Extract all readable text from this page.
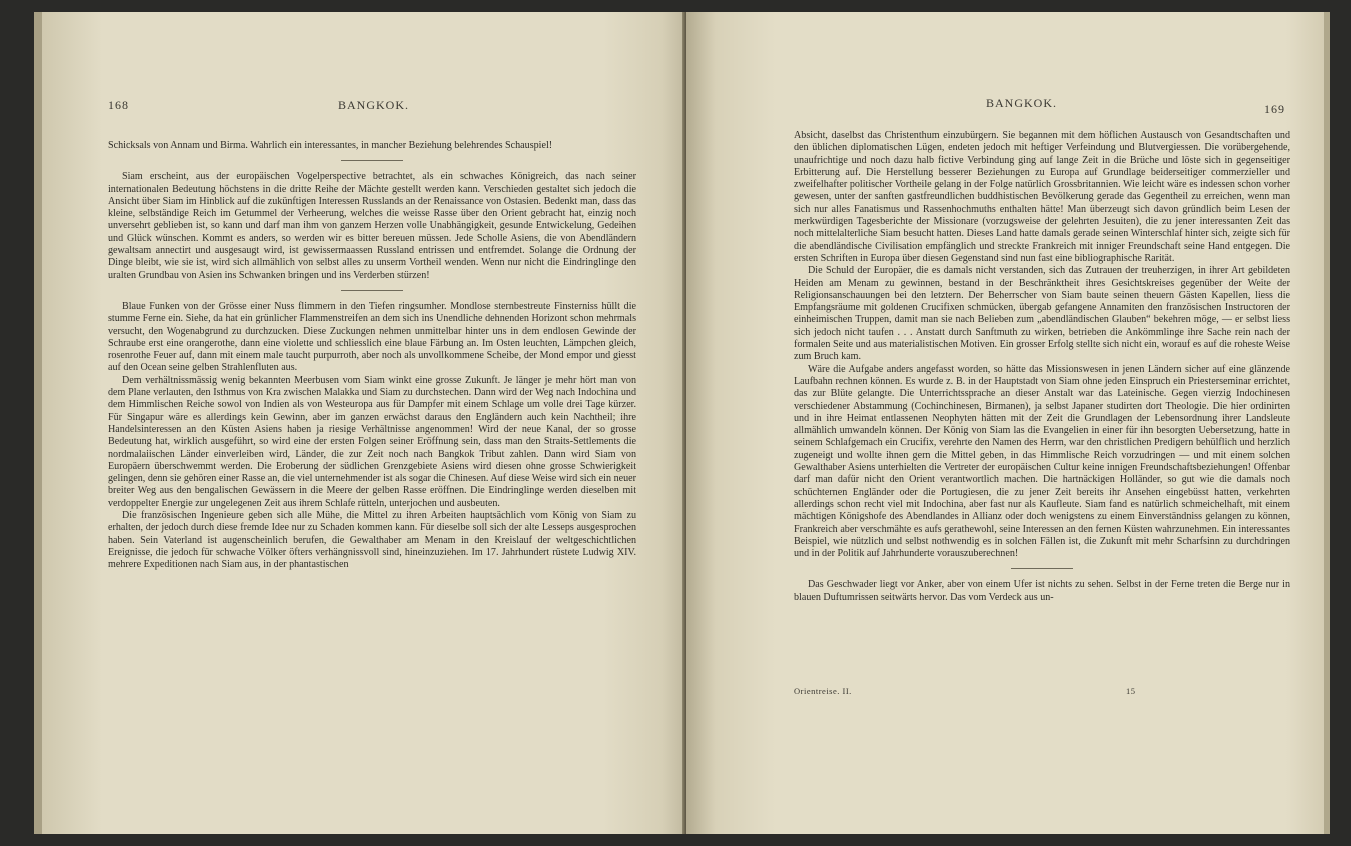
168	BANGKOK.

Schicksals von Annam und Birma. Wahrlich ein interessantes, in mancher Beziehung belehrendes Schauspiel!

Siam erscheint, aus der europäischen Vogelperspective betrachtet, als ein schwaches Königreich, das nach seiner internationalen Bedeutung höchstens in die dritte Reihe der Mächte gestellt werden kann. Verschieden gestaltet sich jedoch die Ansicht über Siam im Hinblick auf die zukünftigen Interessen Russlands an der Renaissance von Ostasien. Bedenkt man, dass das kleine, selbständige Reich im Getummel der Verheerung, welches die weisse Rasse über den Orient gebracht hat, einzig noch unversehrt geblieben ist, so kann und darf man ihm von ganzem Herzen volle Unabhängigkeit, gesunde Entwickelung, Gedeihen und Glück wünschen. Kommt es anders, so werden wir es bitter bereuen müssen. Jede Scholle Asiens, die von Abendländern gewaltsam annectirt und ausgesaugt wird, ist gewissermaassen Russland entrissen und entfremdet. Solange die Ordnung der Dinge bleibt, wie sie ist, wird sich allmählich von selbst alles zu unserm Vortheil wenden. Wenn nur nicht die Eindringlinge den uralten Grundbau von Asien ins Schwanken bringen und ins Verderben stürzen!

Blaue Funken von der Grösse einer Nuss flimmern in den Tiefen ringsumher. Mondlose sternbestreute Finsterniss hüllt die stumme Ferne ein. Siehe, da hat ein grünlicher Flammenstreifen an dem sich ins Unendliche dehnenden Horizont schon mehrmals versucht, den Wogenabgrund zu durchzucken. Diese Zuckungen nehmen unmittelbar hinter uns in dem endlosen Gewinde der Schraube erst eine orangerothe, dann eine violette und schliesslich eine blaue Färbung an. Im Osten leuchten, Lämpchen gleich, rosenrothe Feuer auf, dann mit einem male taucht purpurroth, aber noch als unvollkommene Scheibe, der Mond empor und giesst auf den Ocean seine gelben Strahlenfluten aus.

Dem verhältnissmässig wenig bekannten Meerbusen vom Siam winkt eine grosse Zukunft. Je länger je mehr hört man von dem Plane verlauten, den Isthmus von Kra zwischen Malakka und Siam zu durchstechen. Dann wird der Weg nach Indochina und dem Himmlischen Reiche sowol von Indien als von Westeuropa aus für Dampfer mit einem Schlage um volle drei Tage kürzer. Für Singapur wäre es allerdings kein Gewinn, aber im ganzen erwächst daraus den Engländern auch kein Nachtheil; ihre Handelsinteressen an den Küsten Asiens haben ja riesige Verhältnisse angenommen! Wird der neue Kanal, der so grosse Bedeutung hat, wirklich ausgeführt, so wird eine der ersten Folgen seiner Eröffnung sein, dass man den Straits-Settlements die nordmalaiischen Länder einverleiben wird, Länder, die zur Zeit noch nach Bangkok Tribut zahlen. Dann wird Siam von Europäern überschwemmt werden. Die Eroberung der südlichen Grenzgebiete Asiens wird diesen ohne grosse Schwierigkeit gelingen, denn sie gehören einer Rasse an, die viel unternehmender ist als sogar die Chinesen. Auf diese Weise wird sich ein neuer breiter Weg aus den bengalischen Gewässern in die Meere der gelben Rasse eröffnen. Die Eindringlinge werden dieselben mit verdoppelter Energie zur ungelegenen Zeit aus ihrem Schlafe rütteln, unterjochen und ausbeuten.

Die französischen Ingenieure geben sich alle Mühe, die Mittel zu ihren Arbeiten hauptsächlich vom König von Siam zu erhalten, der jedoch durch diese fremde Idee nur zu Schaden kommen kann. Für dieselbe soll sich der alte Lesseps ausgesprochen haben. Sein Vaterland ist augenscheinlich berufen, die Gewalthaber am Menam in den Kreislauf der weltgeschichtlichen Ereignisse, die jedoch für schwache Völker öfters verhängnissvoll sind, hineinzuziehen. Im 17. Jahrhundert rüstete Ludwig XIV. mehrere Expeditionen nach Siam aus, in der phantastischen

BANGKOK.	169

Absicht, daselbst das Christenthum einzubürgern. Sie begannen mit dem höflichen Austausch von Gesandtschaften und den üblichen diplomatischen Lügen, endeten jedoch mit heftiger Verfeindung und Blutvergiessen. Die vorübergehende, unaufrichtige und noch dazu halb fictive Verbindung ging auf lange Zeit in die Brüche und löste sich in gegenseitiger Erbitterung auf. Die Herstellung besserer Beziehungen zu Europa auf Grundlage beiderseitiger commerzieller und zweifelhafter politischer Vortheile gelang in der Folge natürlich Grossbritannien. Wie leicht wäre es indessen schon vorher gewesen, unter der sanften gastfreundlichen buddhistischen Bevölkerung gerade das Gegentheil zu erreichen, wenn man sich nur alles Fanatismus und Rassenhochmuths enthalten hätte! Man überzeugt sich davon gründlich beim Lesen der merkwürdigen Tagesberichte der Missionare (vorzugsweise der gelehrten Jesuiten), die zu jener interessanten Zeit das noch mittelalterliche Siam besucht hatten. Dieses Land hatte damals gerade seinen Winterschlaf hinter sich, zeigte sich für die abendländische Civilisation empfänglich und streckte Frankreich mit inniger Freundschaft seine Hand entgegen. Die ersten Schriften in Europa über diesen Gegenstand sind nun fast eine bibliographische Rarität.

Die Schuld der Europäer, die es damals nicht verstanden, sich das Zutrauen der treuherzigen, in ihrer Art gebildeten Heiden am Menam zu gewinnen, bestand in der Beschränktheit ihres Gesichtskreises gegenüber der Weite der Religionsanschauungen bei den letztern. Der Beherrscher von Siam baute seinen theuern Gästen Kapellen, liess die Empfangsräume mit goldenen Crucifixen schmücken, übergab gefangene Annamiten den französischen Instructoren der einheimischen Truppen, damit man sie nach Belieben zum „abendländischen Glauben“ bekehren möge, — er selbst liess sich jedoch nicht taufen . . . Anstatt durch Sanftmuth zu wirken, betrieben die Ankömmlinge ihre Sache rein nach der formalen Seite und aus materialistischen Motiven. Ein grosser Erfolg stellte sich nicht ein, worauf es auf die roheste Weise zum Bruch kam.

Wäre die Aufgabe anders angefasst worden, so hätte das Missionswesen in jenen Ländern sicher auf eine glänzende Laufbahn rechnen können. Es wurde z. B. in der Hauptstadt von Siam ohne jeden Einspruch ein Priesterseminar errichtet, das zur Blüte gelangte. Die Unterrichtssprache an dieser Anstalt war das Lateinische. Gegen vierzig Indochinesen verschiedener Abstammung (Cochinchinesen, Birmanen), ja selbst Japaner studirten dort Theologie. Die hier ordinirten und in ihre Heimat entlassenen Neophyten hätten mit der Zeit die Grundlagen der Lebensordnung ihrer Landsleute allmählich umwandeln können. Der König von Siam las die Evangelien in einer für ihn besorgten Uebersetzung, hatte in seinem Schlafgemach ein Crucifix, verehrte den Namen des Herrn, war den christlichen Predigern behülflich und herzlich zugeneigt und wollte ihnen gern die Mittel geben, in das Himmlische Reich vorzudringen — und mit einem solchen Gewalthaber Asiens unterhielten die Vertreter der europäischen Cultur keine innigen Freundschaftsbeziehungen! Offenbar darf man dafür nicht den Orient verantwortlich machen. Die hartnäckigen Holländer, so gut wie die damals noch schüchternen Engländer oder die Portugiesen, die zu jener Zeit bereits ihr Ansehen eingebüsst hatten, verkehrten allerdings schon recht viel mit Indochina, aber fast nur als Kaufleute. Siam fand es natürlich schmeichelhaft, mit einem mächtigen Königshofe des Abendlandes in Allianz oder doch wenigstens zu einem Einverständniss gelangen zu können, Frankreich aber verschmähte es aufs gerathewohl, seine Interessen an den fernen Küsten wahrzunehmen. Ein interessantes Beispiel, wie nützlich und selbst nothwendig es in solchen Fällen ist, die Zukunft mit mehr Scharfsinn zu durchdringen und in der Politik auf Jahrhunderte vorauszuberechnen!

Das Geschwader liegt vor Anker, aber von einem Ufer ist nichts zu sehen. Selbst in der Ferne treten die Berge nur in blauen Duftumrissen seitwärts hervor. Das vom Verdeck aus un-

Orientreise. II.	15
